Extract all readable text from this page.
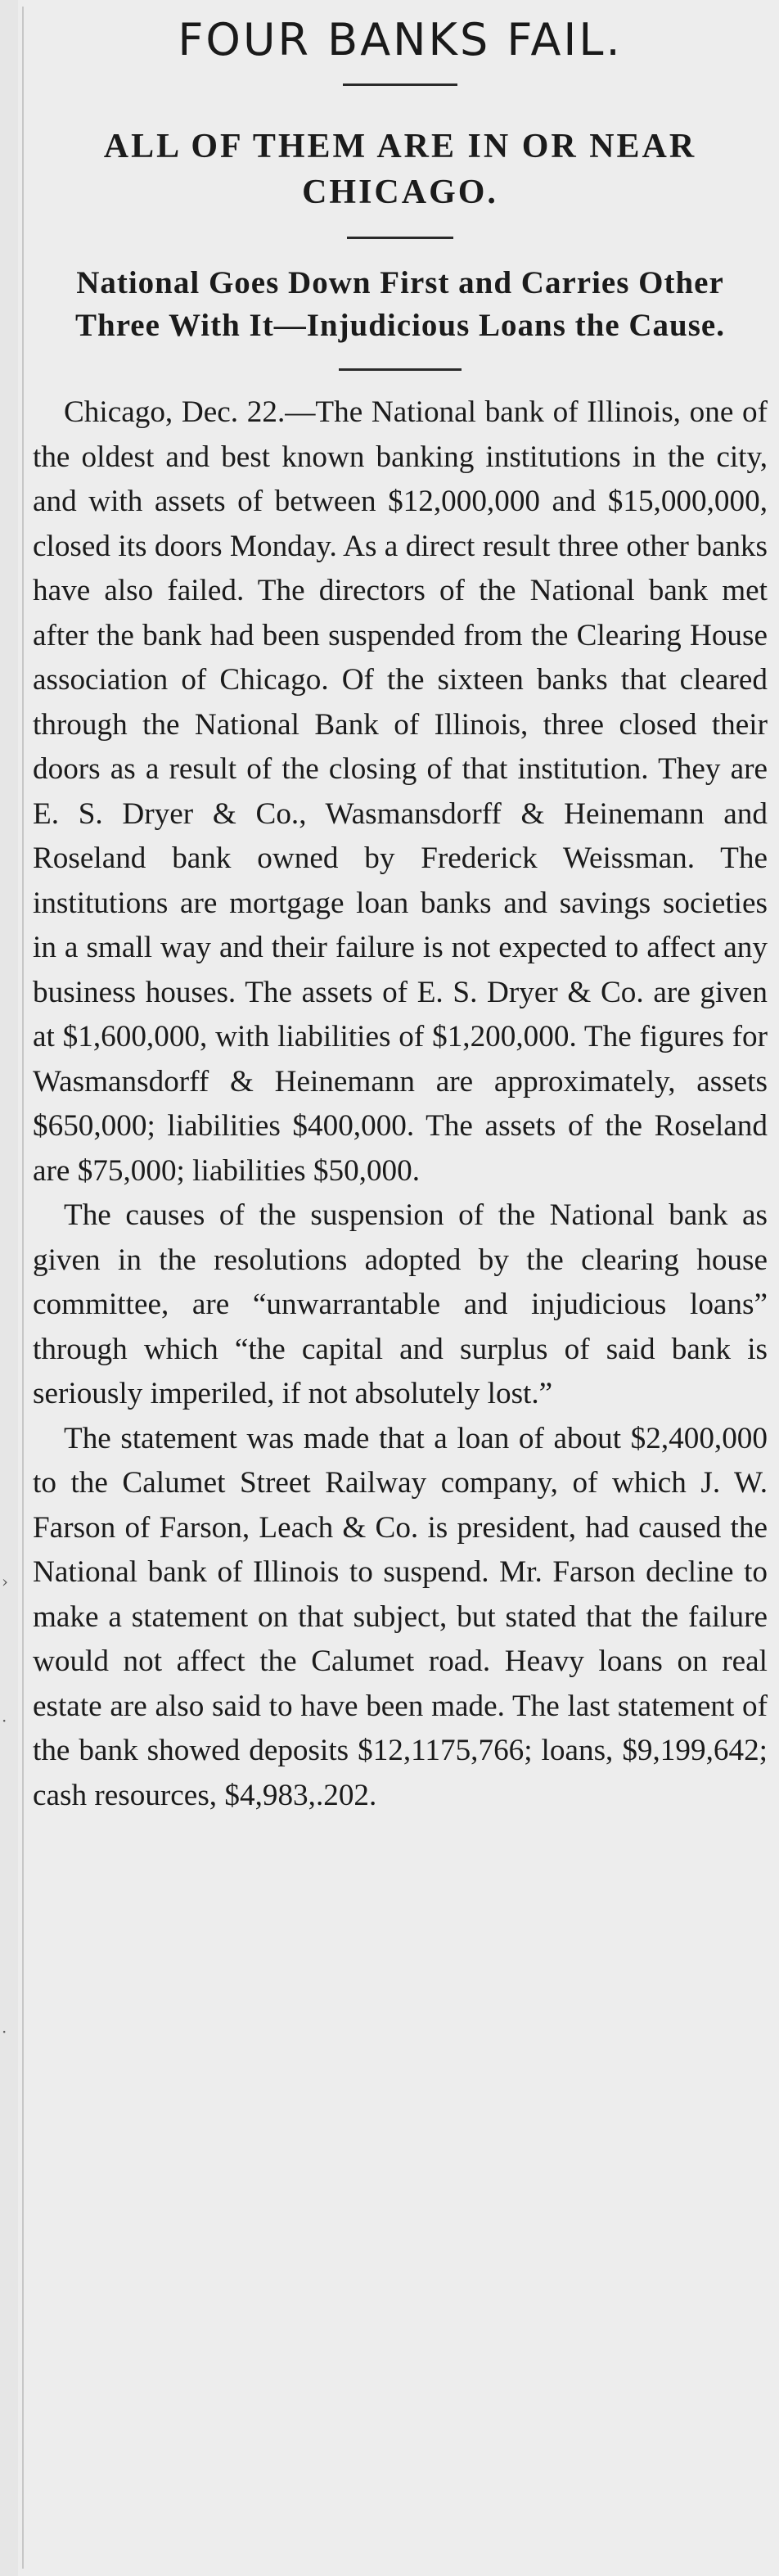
›
·
·
FOUR BANKS FAIL.
ALL OF THEM ARE IN OR NEAR CHICAGO.
National Goes Down First and Carries Other Three With It—Injudicious Loans the Cause.

Chicago, Dec. 22.—The National bank of Illinois, one of the oldest and best known banking institutions in the city, and with assets of between $12,000,000 and $15,000,000, closed its doors Monday. As a direct result three other banks have also failed. The directors of the National bank met after the bank had been suspended from the Clearing House association of Chicago. Of the sixteen banks that cleared through the National Bank of Illinois, three closed their doors as a result of the closing of that institution. They are E. S. Dryer & Co., Wasmansdorff & Heinemann and Roseland bank owned by Frederick Weissman. The institutions are mortgage loan banks and savings societies in a small way and their failure is not expected to affect any business houses. The assets of E. S. Dryer & Co. are given at $1,600,000, with liabilities of $1,200,000. The figures for Wasmansdorff & Heinemann are approximately, assets $650,000; liabilities $400,000. The assets of the Roseland are $75,000; liabilities $50,000.

The causes of the suspension of the National bank as given in the resolutions adopted by the clearing house committee, are “unwarrantable and injudicious loans” through which “the capital and surplus of said bank is seriously imperiled, if not absolutely lost.”

The statement was made that a loan of about $2,400,000 to the Calumet Street Railway company, of which J. W. Farson of Farson, Leach & Co. is president, had caused the National bank of Illinois to suspend. Mr. Farson decline to make a statement on that subject, but stated that the failure would not affect the Calumet road. Heavy loans on real estate are also said to have been made. The last statement of the bank showed deposits $12,1175,766; loans, $9,199,642; cash resources, $4,983,.202.
